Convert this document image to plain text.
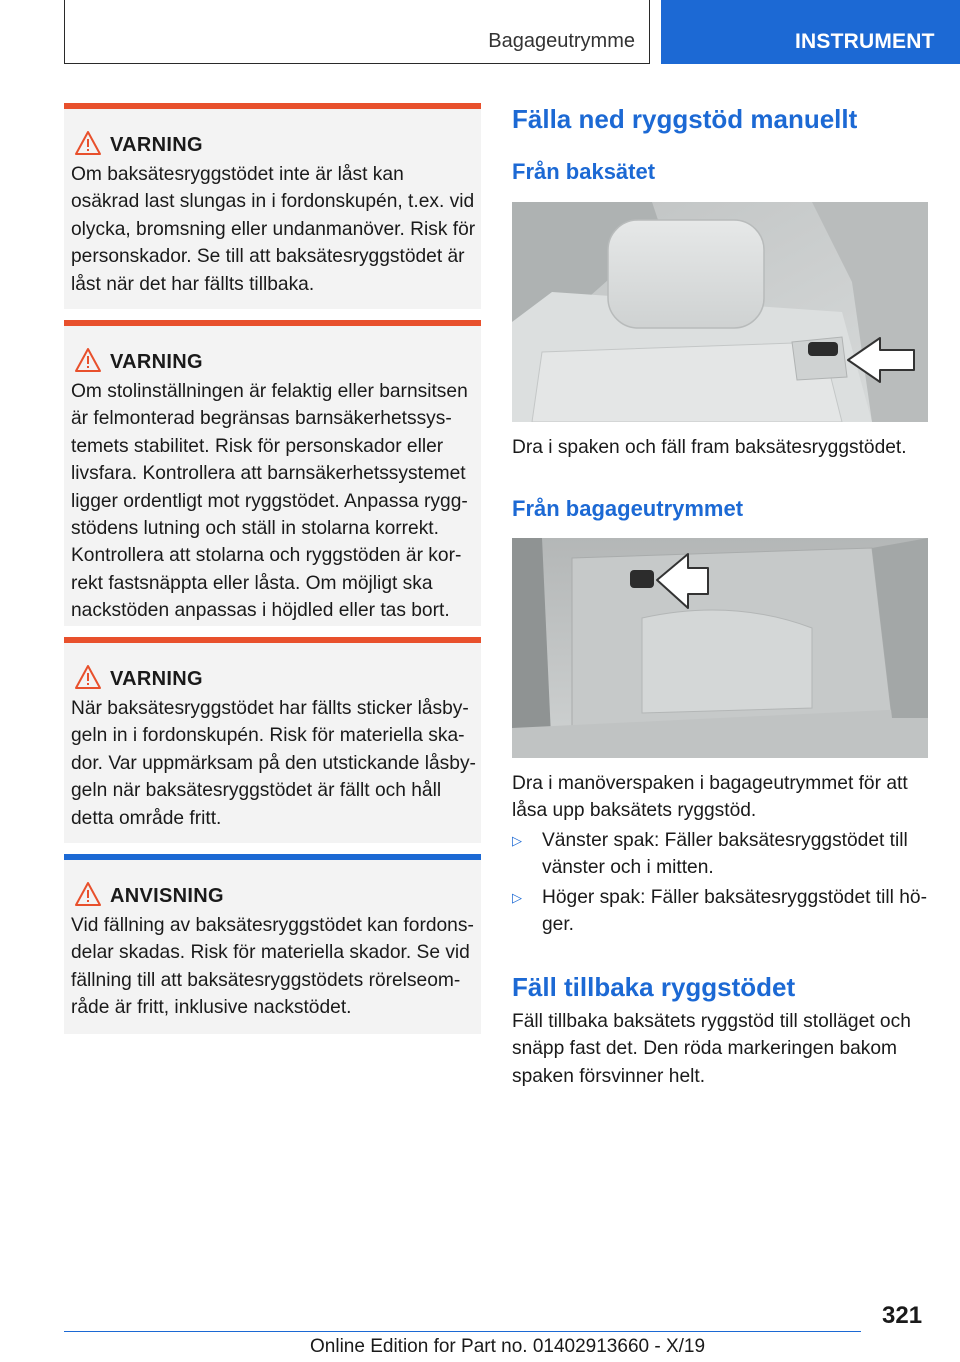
Bagageutrymme	INSTRUMENT
VARNING
Om baksätesryggstödet inte är låst kan osäkrad last slungas in i fordonskupén, t.ex. vid olycka, bromsning eller undanmanöver. Risk för personskador. Se till att baksätesryggstödet är låst när det har fällts tillbaka.
VARNING
Om stolinställningen är felaktig eller barnsitsen är felmonterad begränsas barnsäkerhetssystemets stabilitet. Risk för personskador eller livsfara. Kontrollera att barnsäkerhetssystemet ligger ordentligt mot ryggstödet. Anpassa ryggstödens lutning och ställ in stolarna korrekt. Kontrollera att stolarna och ryggstöden är korrekt fastsnäppta eller låsta. Om möjligt ska nackstöden anpassas i höjdled eller tas bort.
VARNING
När baksätesryggstödet har fällts sticker låsbygeln in i fordonskupén. Risk för materiella skador. Var uppmärksam på den utstickande låsbygeln när baksätesryggstödet är fällt och håll detta område fritt.
ANVISNING
Vid fällning av baksätesryggstödet kan fordonsdelar skadas. Risk för materiella skador. Se vid fällning till att baksätesryggstödets rörelseområde är fritt, inklusive nackstödet.
Fälla ned ryggstöd manuellt
Från baksätet
Dra i spaken och fäll fram baksätesryggstödet.
Från bagageutrymmet
Dra i manöverspaken i bagageutrymmet för att låsa upp baksätets ryggstöd.
▷ Vänster spak: Fäller baksätesryggstödet till vänster och i mitten.
▷ Höger spak: Fäller baksätesryggstödet till höger.
Fäll tillbaka ryggstödet
Fäll tillbaka baksätets ryggstöd till stolläget och snäpp fast det. Den röda markeringen bakom spaken försvinner helt.
321
Online Edition for Part no. 01402913660 - X/19
